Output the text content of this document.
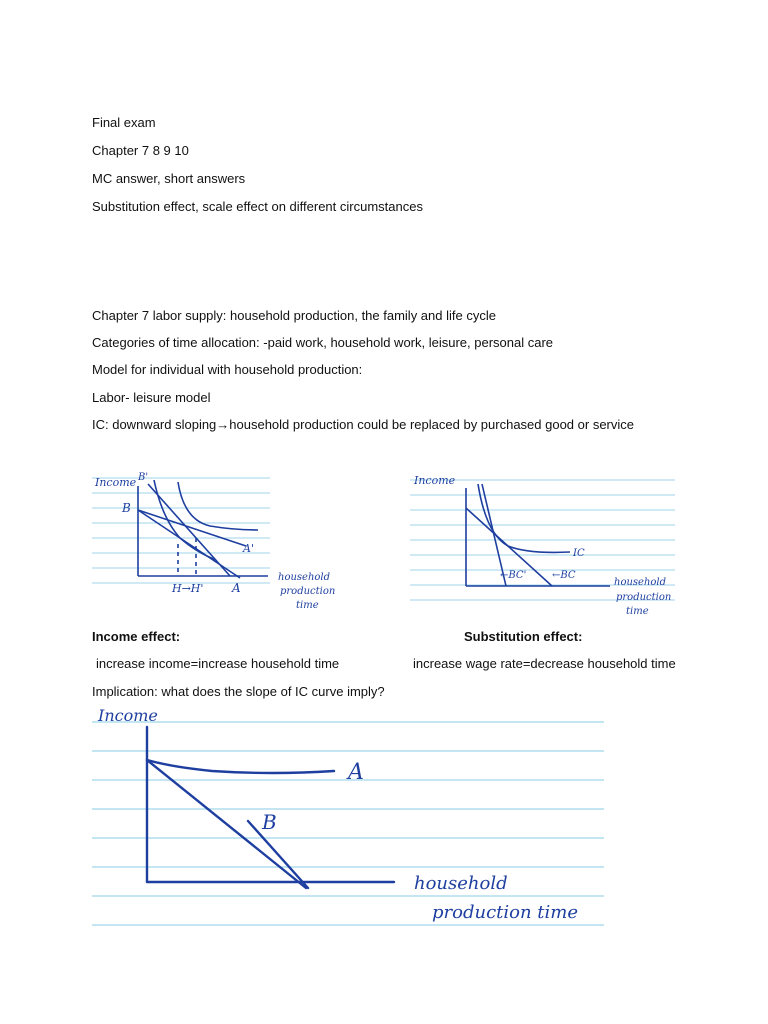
Final exam
Chapter 7 8 9 10
MC answer, short answers
Substitution effect, scale effect on different circumstances
Chapter 7 labor supply: household production, the family and life cycle
Categories of time allocation: -paid work, household work, leisure, personal care
Model for individual with household production:
Labor- leisure model
IC: downward sloping→household production could be replaced by purchased good or service
Income B'
B
A'
H→H' A
household
production
time
Income
IC
←BC'	←BC
household
production
time
Income effect:	Substitution effect:
increase income=increase household time	increase wage rate=decrease household time
Implication: what does the slope of IC curve imply?
Income
A
B
household
production time
